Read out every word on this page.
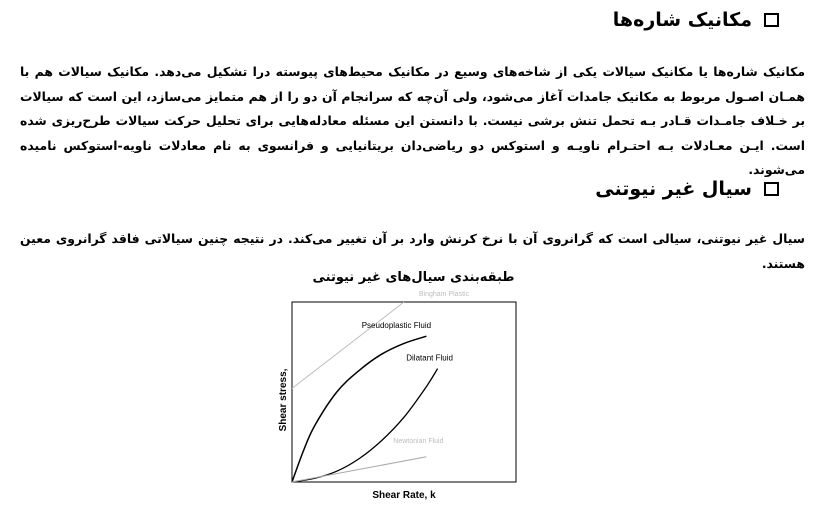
مکانیک شاره‌ها
مکانیک شاره‌ها یا مکانیک سیالات یکی از شاخه‌های وسیع در مکانیک محیط‌های پیوسته درا تشکیل می‌دهد. مکانیک سیالات هم با همـان اصـول مربوط به مکانیک جامدات آغاز می‌شود، ولی آن‌چه که سرانجام آن دو را از هم متمایز می‌سازد، این است که سیالات بر خـلاف جامـدات قـادر بـه تحمل تنش برشی نیست. با دانستن این مسئله معادله‌هایی برای تحلیل حرکت سیالات طرح‌ریزی شده است. ایـن معـادلات بـه احتـرام ناویـه و استوکس دو ریاضی‌دان بریتانیایی و فرانسوی به نام معادلات ناویه-استوکس نامیده می‌شوند.
سیال غیر نیوتنی
سیال غیر نیوتنی، سیالی است که گرانروی آن با نرخ کرنش وارد بر آن تغییر می‌کند. در نتیجه چنین سیالاتی فاقد گرانروی معین هستند.
طبقه‌بندی سیال‌های غیر نیوتنی
Bingham Plastic
Pseudoplastic Fluid
Dilatant Fluid
Newtonian Fluid
Shear Rate, k
Shear stress,
